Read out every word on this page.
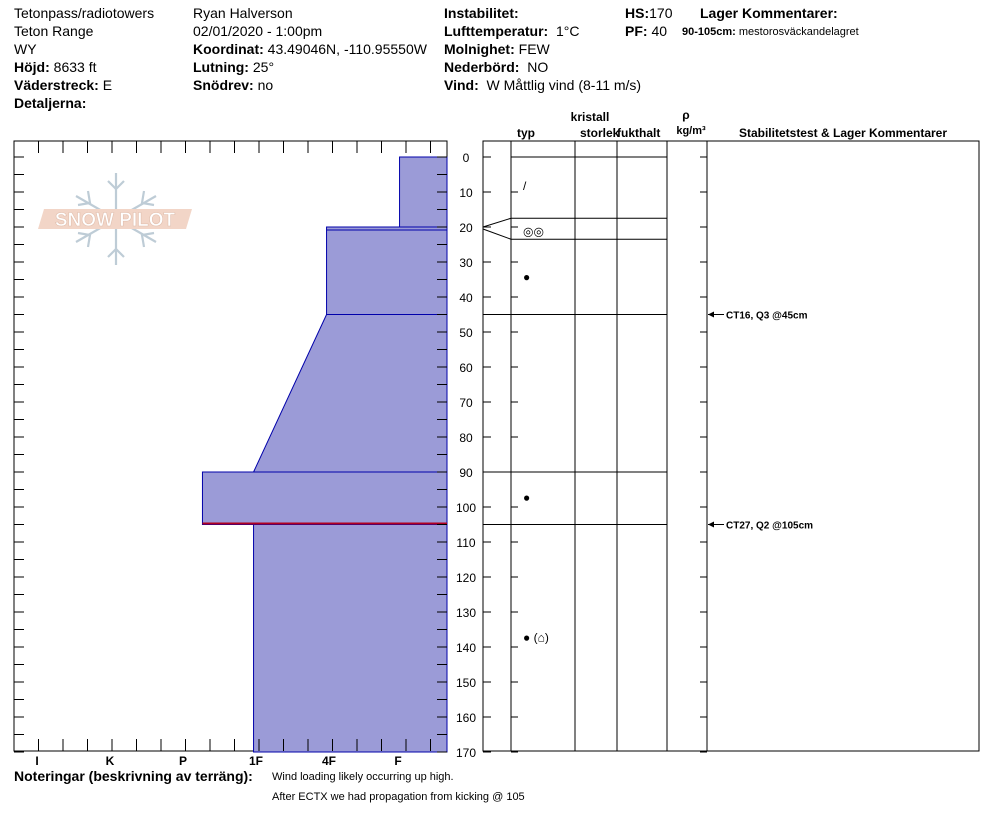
Tetonpass/radiotowers
Teton Range
WY
Höjd: 8633 ft
Väderstreck: E
Detaljerna:
Ryan Halverson
02/01/2020 - 1:00pm
Koordinat: 43.49046N, -110.95550W
Lutning: 25°
Snödrev: no
Instabilitet:
Lufttemperatur: 1°C
Molnighet: FEW
Nederbörd: NO
Vind: W Måttlig vind (8-11 m/s)
HS:170
PF: 40
Lager Kommentarer:
90-105cm: mestorosväckandelagret
SNOW PILOT
I	K	P	1F	4F	F
0
10
20
30
40
50
60
70
80
90
100
110
120
130
140
150
160
170
kristall
typ	storlek
fukthalt
ρ
kg/m³	Stabilitetstest & Lager Kommentarer
/
◎◎
●
●
● (⌂)
CT16, Q3 @45cm
CT27, Q2 @105cm
Noteringar (beskrivning av terräng): Wind loading likely occurring up high.
After ECTX we had propagation from kicking @ 105
